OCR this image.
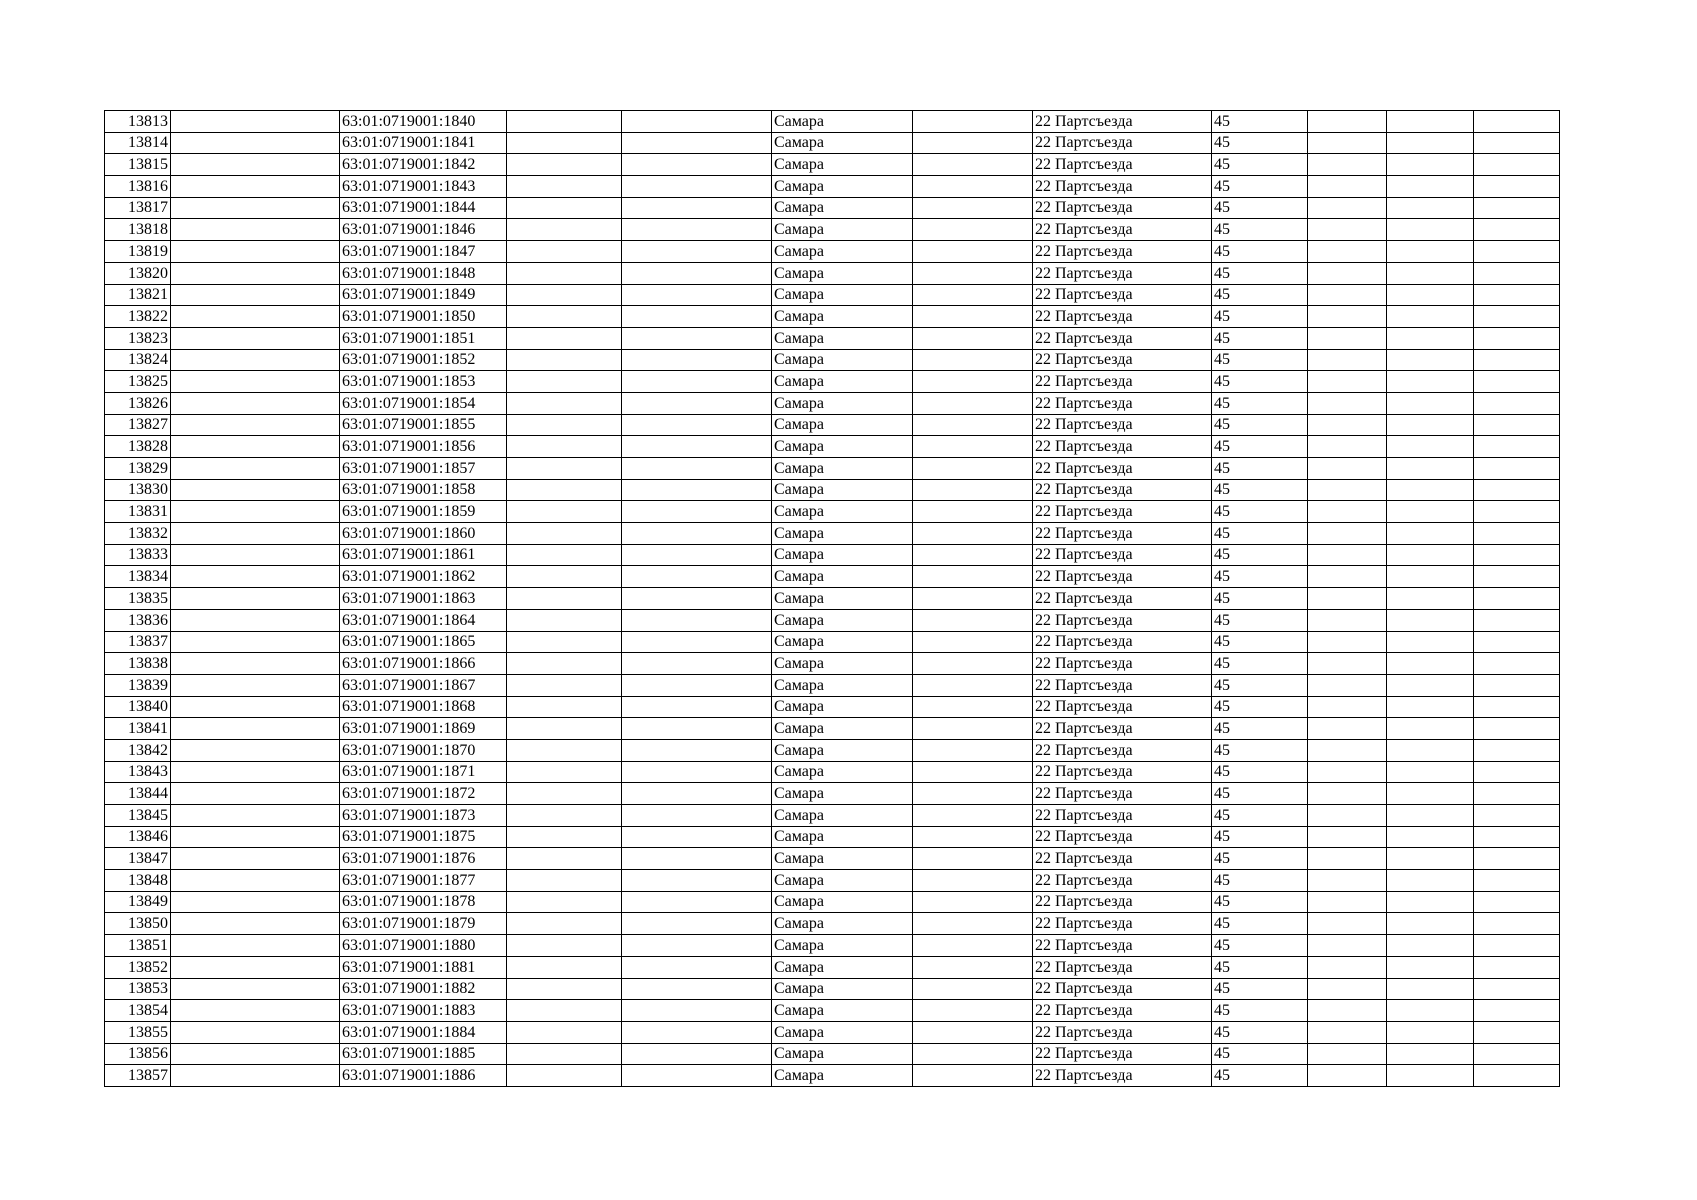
13813		63:01:0719001:1840			Самара		22 Партсъезда	45			
13814		63:01:0719001:1841			Самара		22 Партсъезда	45			
13815		63:01:0719001:1842			Самара		22 Партсъезда	45			
13816		63:01:0719001:1843			Самара		22 Партсъезда	45			
13817		63:01:0719001:1844			Самара		22 Партсъезда	45			
13818		63:01:0719001:1846			Самара		22 Партсъезда	45			
13819		63:01:0719001:1847			Самара		22 Партсъезда	45			
13820		63:01:0719001:1848			Самара		22 Партсъезда	45			
13821		63:01:0719001:1849			Самара		22 Партсъезда	45			
13822		63:01:0719001:1850			Самара		22 Партсъезда	45			
13823		63:01:0719001:1851			Самара		22 Партсъезда	45			
13824		63:01:0719001:1852			Самара		22 Партсъезда	45			
13825		63:01:0719001:1853			Самара		22 Партсъезда	45			
13826		63:01:0719001:1854			Самара		22 Партсъезда	45			
13827		63:01:0719001:1855			Самара		22 Партсъезда	45			
13828		63:01:0719001:1856			Самара		22 Партсъезда	45			
13829		63:01:0719001:1857			Самара		22 Партсъезда	45			
13830		63:01:0719001:1858			Самара		22 Партсъезда	45			
13831		63:01:0719001:1859			Самара		22 Партсъезда	45			
13832		63:01:0719001:1860			Самара		22 Партсъезда	45			
13833		63:01:0719001:1861			Самара		22 Партсъезда	45			
13834		63:01:0719001:1862			Самара		22 Партсъезда	45			
13835		63:01:0719001:1863			Самара		22 Партсъезда	45			
13836		63:01:0719001:1864			Самара		22 Партсъезда	45			
13837		63:01:0719001:1865			Самара		22 Партсъезда	45			
13838		63:01:0719001:1866			Самара		22 Партсъезда	45			
13839		63:01:0719001:1867			Самара		22 Партсъезда	45			
13840		63:01:0719001:1868			Самара		22 Партсъезда	45			
13841		63:01:0719001:1869			Самара		22 Партсъезда	45			
13842		63:01:0719001:1870			Самара		22 Партсъезда	45			
13843		63:01:0719001:1871			Самара		22 Партсъезда	45			
13844		63:01:0719001:1872			Самара		22 Партсъезда	45			
13845		63:01:0719001:1873			Самара		22 Партсъезда	45			
13846		63:01:0719001:1875			Самара		22 Партсъезда	45			
13847		63:01:0719001:1876			Самара		22 Партсъезда	45			
13848		63:01:0719001:1877			Самара		22 Партсъезда	45			
13849		63:01:0719001:1878			Самара		22 Партсъезда	45			
13850		63:01:0719001:1879			Самара		22 Партсъезда	45			
13851		63:01:0719001:1880			Самара		22 Партсъезда	45			
13852		63:01:0719001:1881			Самара		22 Партсъезда	45			
13853		63:01:0719001:1882			Самара		22 Партсъезда	45			
13854		63:01:0719001:1883			Самара		22 Партсъезда	45			
13855		63:01:0719001:1884			Самара		22 Партсъезда	45			
13856		63:01:0719001:1885			Самара		22 Партсъезда	45			
13857		63:01:0719001:1886			Самара		22 Партсъезда	45			
